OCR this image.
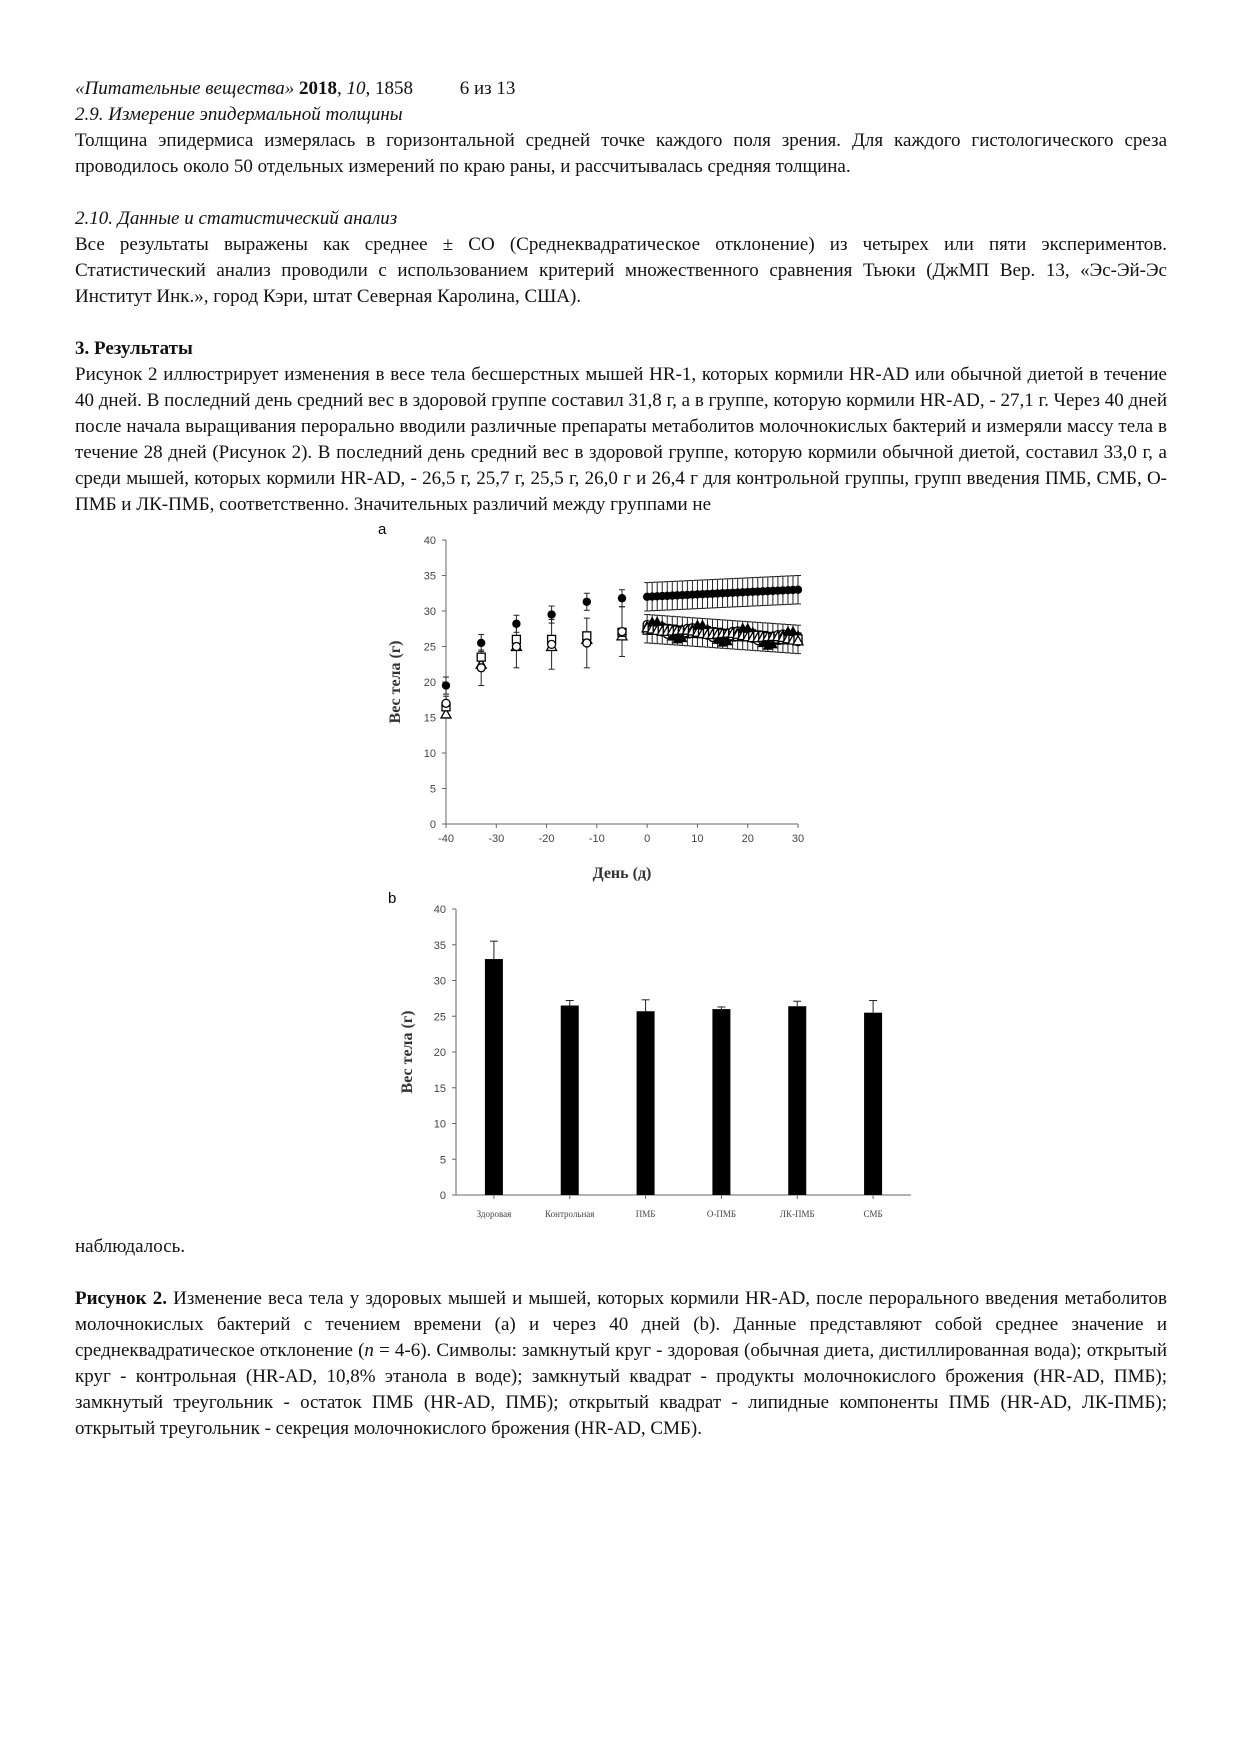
«Питательные вещества» 2018, 10, 1858 6 из 13

2.9. Измерение эпидермальной толщины

Толщина эпидермиса измерялась в горизонтальной средней точке каждого поля зрения. Для каждого гистологического среза проводилось около 50 отдельных измерений по краю раны, и рассчитывалась средняя толщина.

2.10. Данные и статистический анализ

Все результаты выражены как среднее ± СО (Среднеквадратическое отклонение) из четырех или пяти экспериментов. Статистический анализ проводили с использованием критерий множественного сравнения Тьюки (ДжМП Вер. 13, «Эс-Эй-Эс Институт Инк.», город Кэри, штат Северная Каролина, США).

3. Результаты

Рисунок 2 иллюстрирует изменения в весе тела бесшерстных мышей HR-1, которых кормили HR-AD или обычной диетой в течение 40 дней. В последний день средний вес в здоровой группе составил 31,8 г, а в группе, которую кормили HR-AD, - 27,1 г. Через 40 дней после начала выращивания перорально вводили различные препараты метаболитов молочнокислых бактерий и измеряли массу тела в течение 28 дней (Рисунок 2). В последний день средний вес в здоровой группе, которую кормили обычной диетой, составил 33,0 г, а среди мышей, которых кормили HR-AD, - 26,5 г, 25,7 г, 25,5 г, 26,0 г и 26,4 г для контрольной группы, групп введения ПМБ, СМБ, О-ПМБ и ЛК-ПМБ, соответственно. Значительных различий между группами не

a
0
5
10
15
20
25
30
35
40
-40	-30	-20	-10	0	10	20	30
День (д)
Вес тела (г)
b
0
5
10
15
20
25
30
35
40
Вес тела (г)
Здоровая	Контрольная	ПМБ	О-ПМБ	ЛК-ПМБ	СМБ

наблюдалось.

Рисунок 2. Изменение веса тела у здоровых мышей и мышей, которых кормили HR-AD, после перорального введения метаболитов молочнокислых бактерий с течением времени (a) и через 40 дней (b). Данные представляют собой среднее значение и среднеквадратическое отклонение (n = 4-6). Символы: замкнутый круг - здоровая (обычная диета, дистиллированная вода); открытый круг - контрольная (HR-AD, 10,8% этанола в воде); замкнутый квадрат - продукты молочнокислого брожения (HR-AD, ПМБ); замкнутый треугольник - остаток ПМБ (HR-AD, ПМБ); открытый квадрат - липидные компоненты ПМБ (HR-AD, ЛК-ПМБ); открытый треугольник - секреция молочнокислого брожения (HR-AD, СМБ).
